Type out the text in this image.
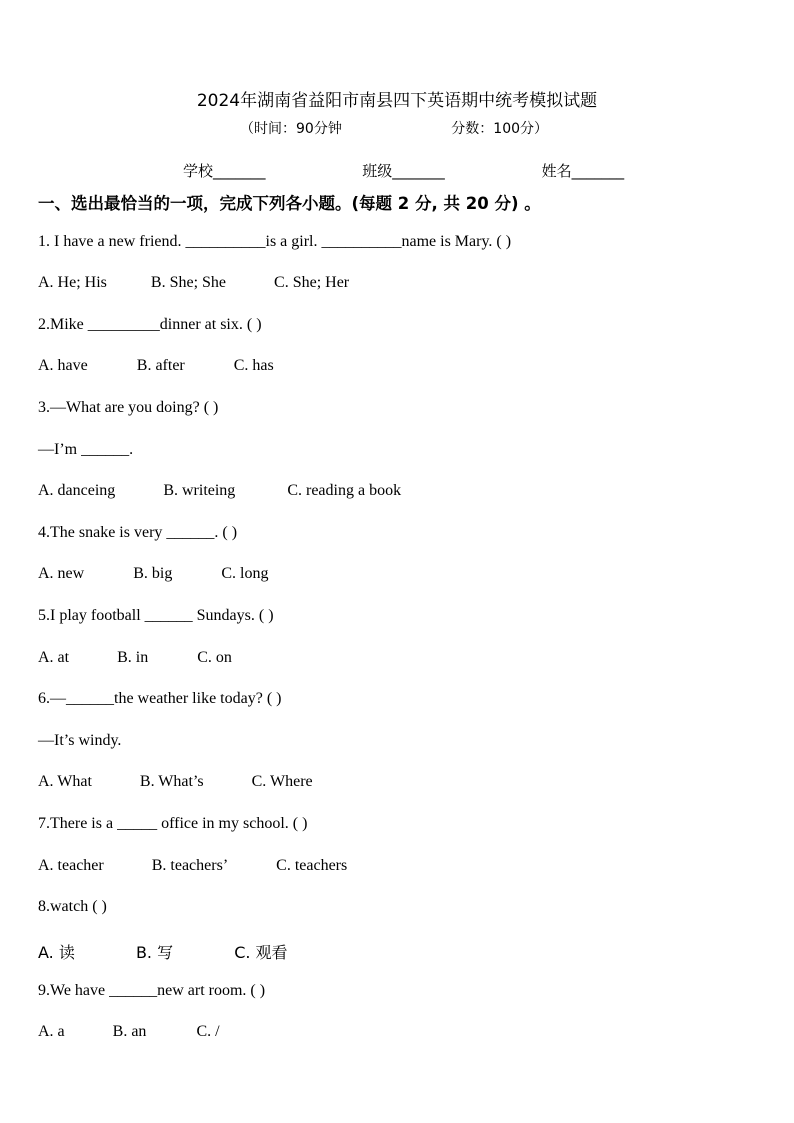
2024年湖南省益阳市南县四下英语期中统考模拟试题
（时间：90分钟	分数：100分）
学校_______	班级_______	姓名_______
一、选出最恰当的一项，完成下列各小题。(每题 2 分, 共 20 分) 。
1. I have a new friend. __________is a girl. __________name is Mary. ( )
A. He; His	B. She; She	C. She; Her
2.Mike _________dinner at six. ( )
A. have	B. after	C. has
3.—What are you doing? ( )
—I’m ______.
A. danceing	B. writeing	C. reading a book
4.The snake is very ______. ( )
A. new	B. big	C. long
5.I play football ______ Sundays. ( )
A. at	B. in	C. on
6.—______the weather like today? ( )
—It’s windy.
A. What	B. What’s	C. Where
7.There is a _____ office in my school. ( )
A. teacher	B. teachers’	C. teachers
8.watch ( )
A. 读	B. 写	C. 观看
9.We have ______new art room. ( )
A. a	B. an	C. /
